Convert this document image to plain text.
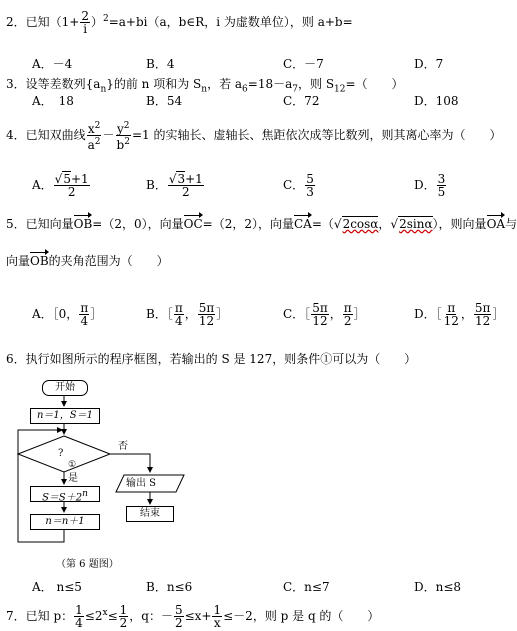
2．已知$(1+ \frac{2}{i} )^2=a+bi(a$，b∈R，i 为虚数单位），则 a+b=
A．－4	B．4	C．－7	D．7
3．设等差数列$\{a_n\}$的前 n 项和为 $S_n$，若 $a_6=18-a_7$，则 $S_{12}=$（　　）
A．　18	B．54	C．72	D．108
4．已知双曲线 $\frac{x^2}{a^2} - \frac{y^2}{b^2} =1$ 的实轴长、虚轴长、焦距依次成等比数列，则其离心率为（　　）
A． $\frac{√5+1}{2}$	B． $\frac{√3+1}{2}$	C． $\frac{5}{3}$	D． $\frac{3}{5}$
5．已知向量OB=（2，0），向量OC=（2，2），向量CA=（√2cosα，√2sinα），则向量OA与
向量OB的夹角范围为（　　）
A．［0， $\frac{\pi}{4}$ ］	B．［ $\frac{\pi}{4}$ ， $\frac{5\pi}{12}$ ］	C．［ $\frac{5\pi}{12}$ ， $\frac{\pi}{2}$ ］	D．［ $\frac{\pi}{12}$ ， $\frac{5\pi}{12}$ ］
6．执行如图所示的程序框图，若输出的 S 是 127，则条件①可以为（　　）
开始
n＝1，S＝1
?
①
否
是	输出 S
S＝S＋2n
n＝n＋1
结束
（第 6 题图）
A． n≤5	B．n≤6	C．n≤7	D．n≤8
7．已知 p： $\frac{1}{4} \le 2^x\le \frac{1}{2}$ ，q：－ $\frac{5}{2} \le x+ \frac{1}{x} \le-2$，则 p 是 q 的（　　）
